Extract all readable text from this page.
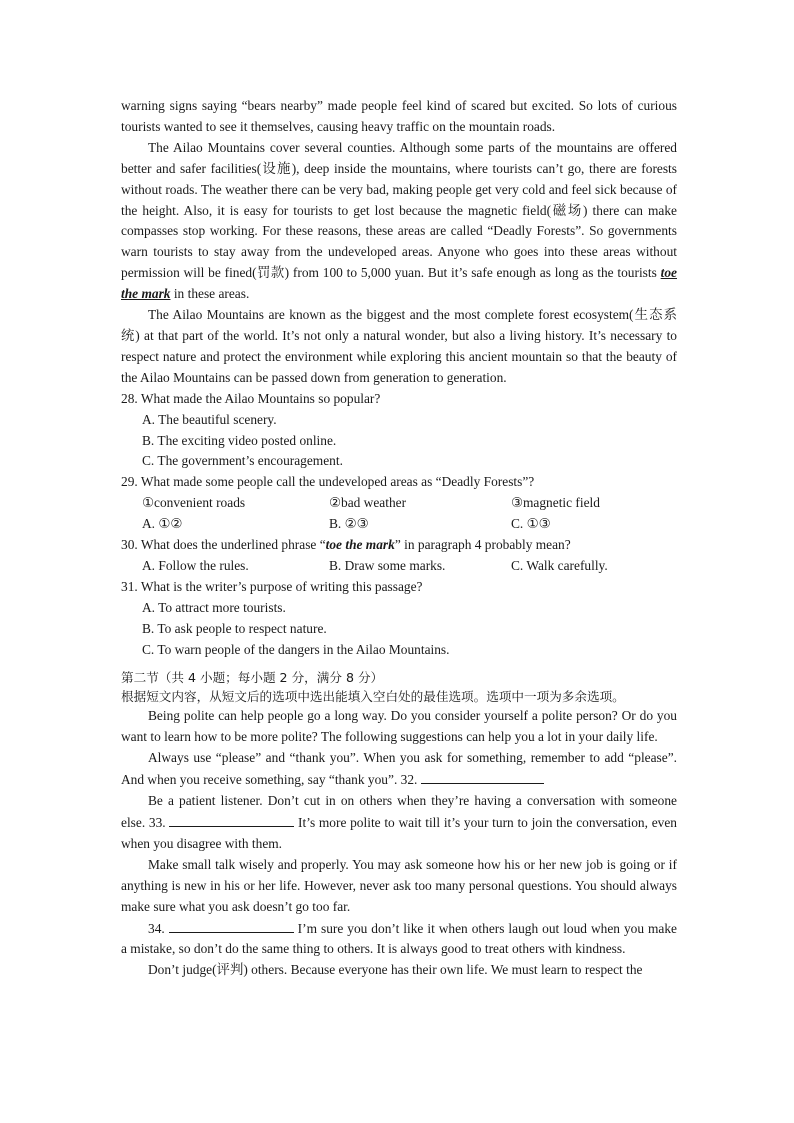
warning signs saying “bears nearby” made people feel kind of scared but excited. So lots of curious tourists wanted to see it themselves, causing heavy traffic on the mountain roads.

The Ailao Mountains cover several counties. Although some parts of the mountains are offered better and safer facilities(设施), deep inside the mountains, where tourists can’t go, there are forests without roads. The weather there can be very bad, making people get very cold and feel sick because of the height. Also, it is easy for tourists to get lost because the magnetic field(磁场) there can make compasses stop working. For these reasons, these areas are called “Deadly Forests”. So governments warn tourists to stay away from the undeveloped areas. Anyone who goes into these areas without permission will be fined(罚款) from 100 to 5,000 yuan. But it’s safe enough as long as the tourists toe the mark in these areas.

The Ailao Mountains are known as the biggest and the most complete forest ecosystem(生态系统) at that part of the world. It’s not only a natural wonder, but also a living history. It’s necessary to respect nature and protect the environment while exploring this ancient mountain so that the beauty of the Ailao Mountains can be passed down from generation to generation.

28. What made the Ailao Mountains so popular?

A. The beautiful scenery.

B. The exciting video posted online.

C. The government’s encouragement.

29. What made some people call the undeveloped areas as “Deadly Forests”?

①convenient roads	②bad weather	③magnetic field
A. ①②	B. ②③	C. ①③

30. What does the underlined phrase “toe the mark” in paragraph 4 probably mean?

A. Follow the rules.	B. Draw some marks.	C. Walk carefully.

31. What is the writer’s purpose of writing this passage?

A. To attract more tourists.

B. To ask people to respect nature.

C. To warn people of the dangers in the Ailao Mountains.

第二节（共 4 小题；每小题 2 分，满分 8 分）

根据短文内容，从短文后的选项中选出能填入空白处的最佳选项。选项中一项为多余选项。

Being polite can help people go a long way. Do you consider yourself a polite person? Or do you want to learn how to be more polite? The following suggestions can help you a lot in your daily life.

Always use “please” and “thank you”. When you ask for something, remember to add “please”. And when you receive something, say “thank you”. 32.

Be a patient listener. Don’t cut in on others when they’re having a conversation with someone else. 33.	It’s more polite to wait till it’s your turn to join the conversation, even when you disagree with them.

Make small talk wisely and properly. You may ask someone how his or her new job is going or if anything is new in his or her life. However, never ask too many personal questions. You should always make sure what you ask doesn’t go too far.

34.	I’m sure you don’t like it when others laugh out loud when you make a mistake, so don’t do the same thing to others. It is always good to treat others with kindness.

Don’t judge(评判) others. Because everyone has their own life. We must learn to respect the
